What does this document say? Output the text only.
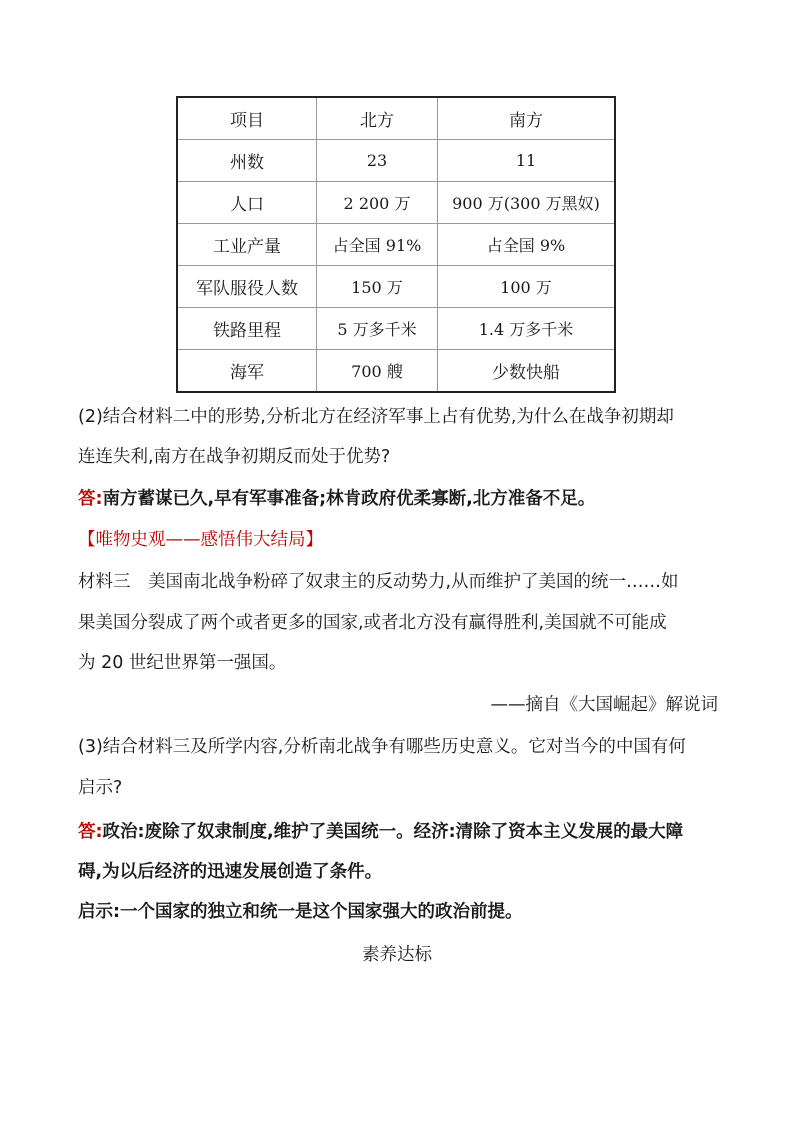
项目	北方	南方
州数	23	11
人口	2 200 万	900 万(300 万黑奴)
工业产量	占全国 91%	占全国 9%
军队服役人数	150 万	100 万
铁路里程	5 万多千米	1.4 万多千米
海军	700 艘	少数快船
(2)结合材料二中的形势,分析北方在经济军事上占有优势,为什么在战争初期却
连连失利,南方在战争初期反而处于优势?
答:南方蓄谋已久,早有军事准备;林肯政府优柔寡断,北方准备不足。
【唯物史观——感悟伟大结局】
材料三　美国南北战争粉碎了奴隶主的反动势力,从而维护了美国的统一……如
果美国分裂成了两个或者更多的国家,或者北方没有赢得胜利,美国就不可能成
为 20 世纪世界第一强国。
——摘自《大国崛起》解说词
(3)结合材料三及所学内容,分析南北战争有哪些历史意义。它对当今的中国有何
启示?
答:政治:废除了奴隶制度,维护了美国统一。经济:清除了资本主义发展的最大障
碍,为以后经济的迅速发展创造了条件。
启示:一个国家的独立和统一是这个国家强大的政治前提。
素养达标
